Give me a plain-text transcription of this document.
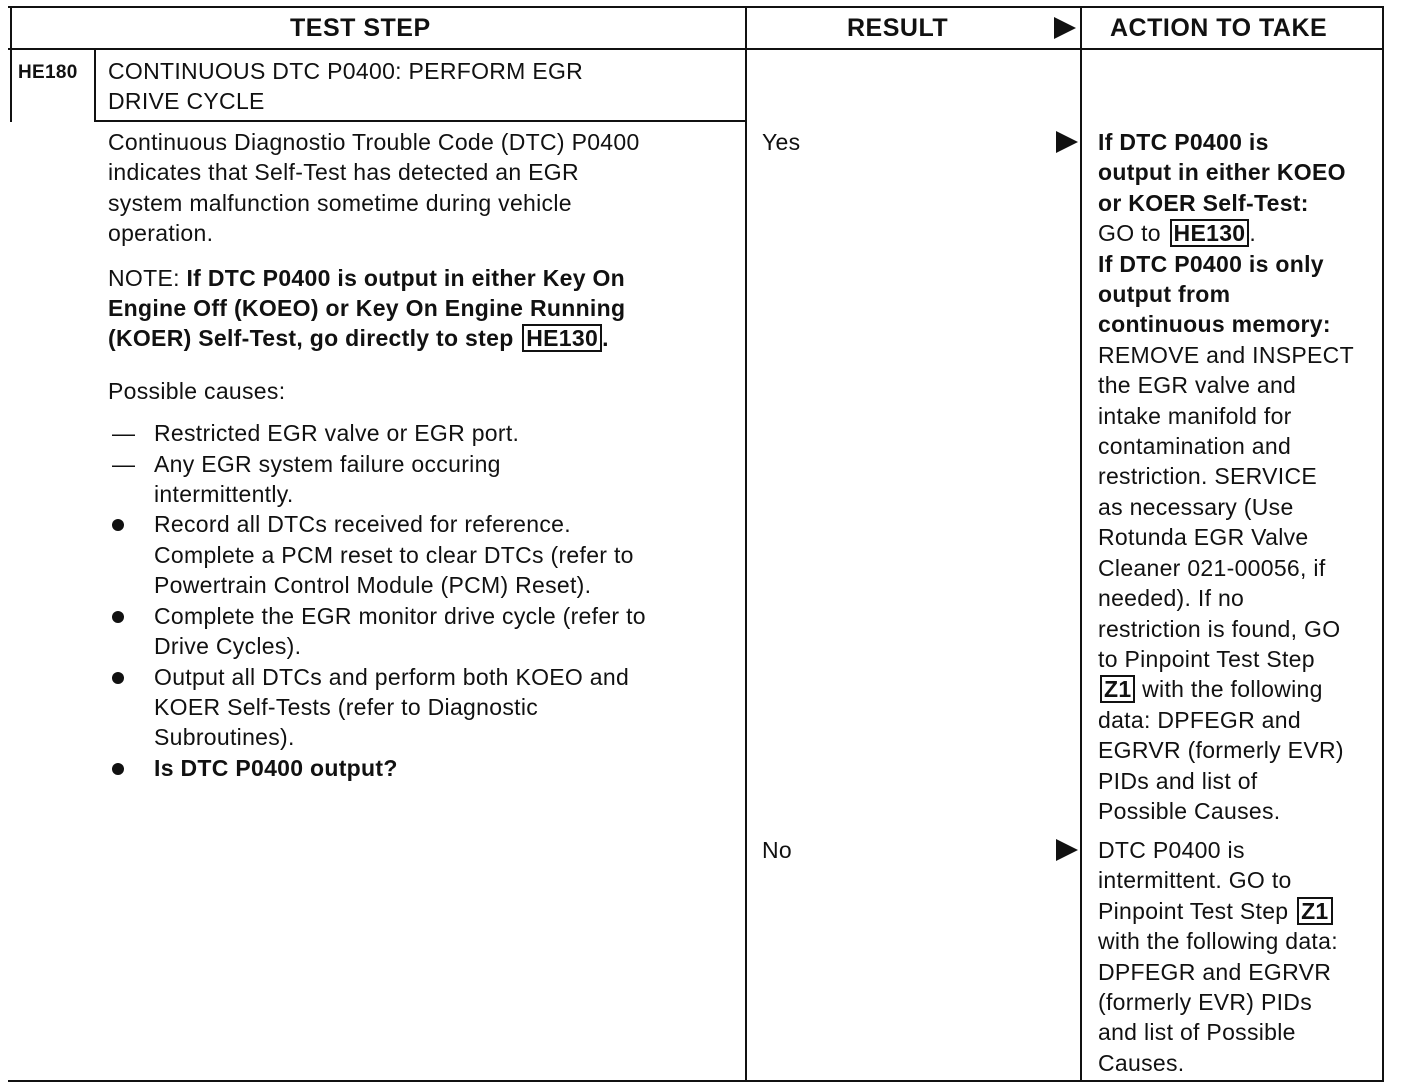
TEST STEP	RESULT	ACTION TO TAKE
HE180 CONTINUOUS DTC P0400: PERFORM EGR
DRIVE CYCLE
Continuous Diagnostio Trouble Code (DTC) P0400
indicates that Self-Test has detected an EGR
system malfunction sometime during vehicle
operation.
NOTE: If DTC P0400 is output in either Key On
Engine Off (KOEO) or Key On Engine Running
(KOER) Self-Test, go directly to step HE130 .
Possible causes:
— Restricted EGR valve or EGR port.
— Any EGR system failure occuring
intermittently.
Record all DTCs received for reference.
Complete a PCM reset to clear DTCs (refer to
Powertrain Control Module (PCM) Reset).
Complete the EGR monitor drive cycle (refer to
Drive Cycles).
Output all DTCs and perform both KOEO and
KOER Self-Tests (refer to Diagnostic
Subroutines).
Is DTC P0400 output?
Yes
No
If DTC P0400 is
output in either KOEO
or KOER Self-Test:
GO to HE130 .
If DTC P0400 is only
output from
continuous memory:
REMOVE and INSPECT
the EGR valve and
intake manifold for
contamination and
restriction. SERVICE
as necessary (Use
Rotunda EGR Valve
Cleaner 021-00056, if
needed). If no
restriction is found, GO
to Pinpoint Test Step
Z1 with the following
data: DPFEGR and
EGRVR (formerly EVR)
PIDs and list of
Possible Causes.
DTC P0400 is
intermittent. GO to
Pinpoint Test Step Z1
with the following data:
DPFEGR and EGRVR
(formerly EVR) PIDs
and list of Possible
Causes.
